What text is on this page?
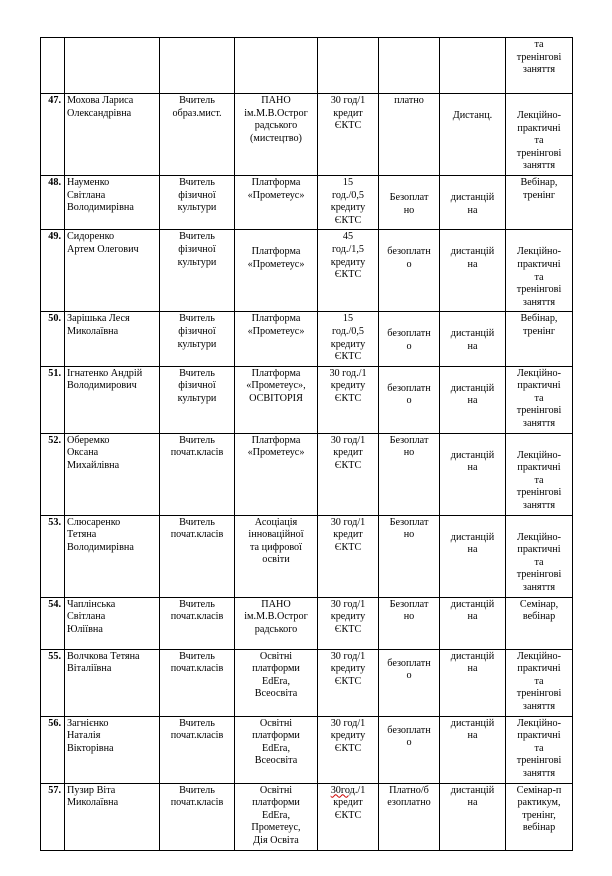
							та
тренінгові
заняття
47.	Мохова Лариса
Олександрівна	Вчитель
образ.мист.	ПАНО
ім.М.В.Острог
радського
(мистецтво)	30 год/1
кредит
ЄКТС	платно	Дистанц.	Лекційно-
практичні
та
тренінгові
заняття
48.	Науменко
Світлана
Володимирівна	Вчитель
фізичної
культури	Платформа
«Прометеус»	15
год./0,5
кредиту
ЄКТС	Безоплат
но	дистанцій
на	Вебінар,
тренінг
49.	Сидоренко
Артем Олегович	Вчитель
фізичної
культури	Платформа
«Прометеус»	45
год./1,5
кредиту
ЄКТС	безоплатн
о	дистанцій
на	Лекційно-
практичні
та
тренінгові
заняття
50.	Зарішька Леся
Миколаївна	Вчитель
фізичної
культури	Платформа
«Прометеус»	15
год./0,5
кредиту
ЄКТС	безоплатн
о	дистанцій
на	Вебінар,
тренінг
51.	Ігнатенко Андрій
Володимирович	Вчитель
фізичної
культури	Платформа
«Прометеус»,
ОСВІТОРІЯ	30 год./1
кредиту
ЄКТС	безоплатн
о	дистанцій
на	Лекційно-
практичні
та
тренінгові
заняття
52.	Оберемко
Оксана
Михайлівна	Вчитель
почат.класів	Платформа
«Прометеус»	30 год/1
кредит
ЄКТС	Безоплат
но	дистанцій
на	Лекційно-
практичні
та
тренінгові
заняття
53.	Слюсаренко
Тетяна
Володимирівна	Вчитель
почат.класів	Асоціація
інноваційної
та цифрової
освіти	30 год/1
кредит
ЄКТС	Безоплат
но	дистанцій
на	Лекційно-
практичні
та
тренінгові
заняття
54.	Чаплінська
Світлана
Юліївна	Вчитель
почат.класів	ПАНО
ім.М.В.Острог
радського	30 год/1
кредиту
ЄКТС	Безоплат
но	дистанцій
на	Семінар,
вебінар
55.	Волчкова Тетяна
Віталіївна	Вчитель
почат.класів	Освітні
платформи
EdEra,
Всеосвіта	30 год/1
кредиту
ЄКТС	безоплатн
о	дистанцій
на	Лекційно-
практичні
та
тренінгові
заняття
56.	Загнієнко
Наталія
Вікторівна	Вчитель
почат.класів	Освітні
платформи
EdEra,
Всеосвіта	30 год/1
кредиту
ЄКТС	безоплатн
о	дистанцій
на	Лекційно-
практичні
та
тренінгові
заняття
57.	Пузир Віта
Миколаївна	Вчитель
почат.класів	Освітні
платформи
EdEra,
Прометеус,
Дія Освіта	30год./1
кредит
ЄКТС	Платно/б
езоплатно	дистанцій
на	Семінар-п
рактикум,
тренінг,
вебінар
